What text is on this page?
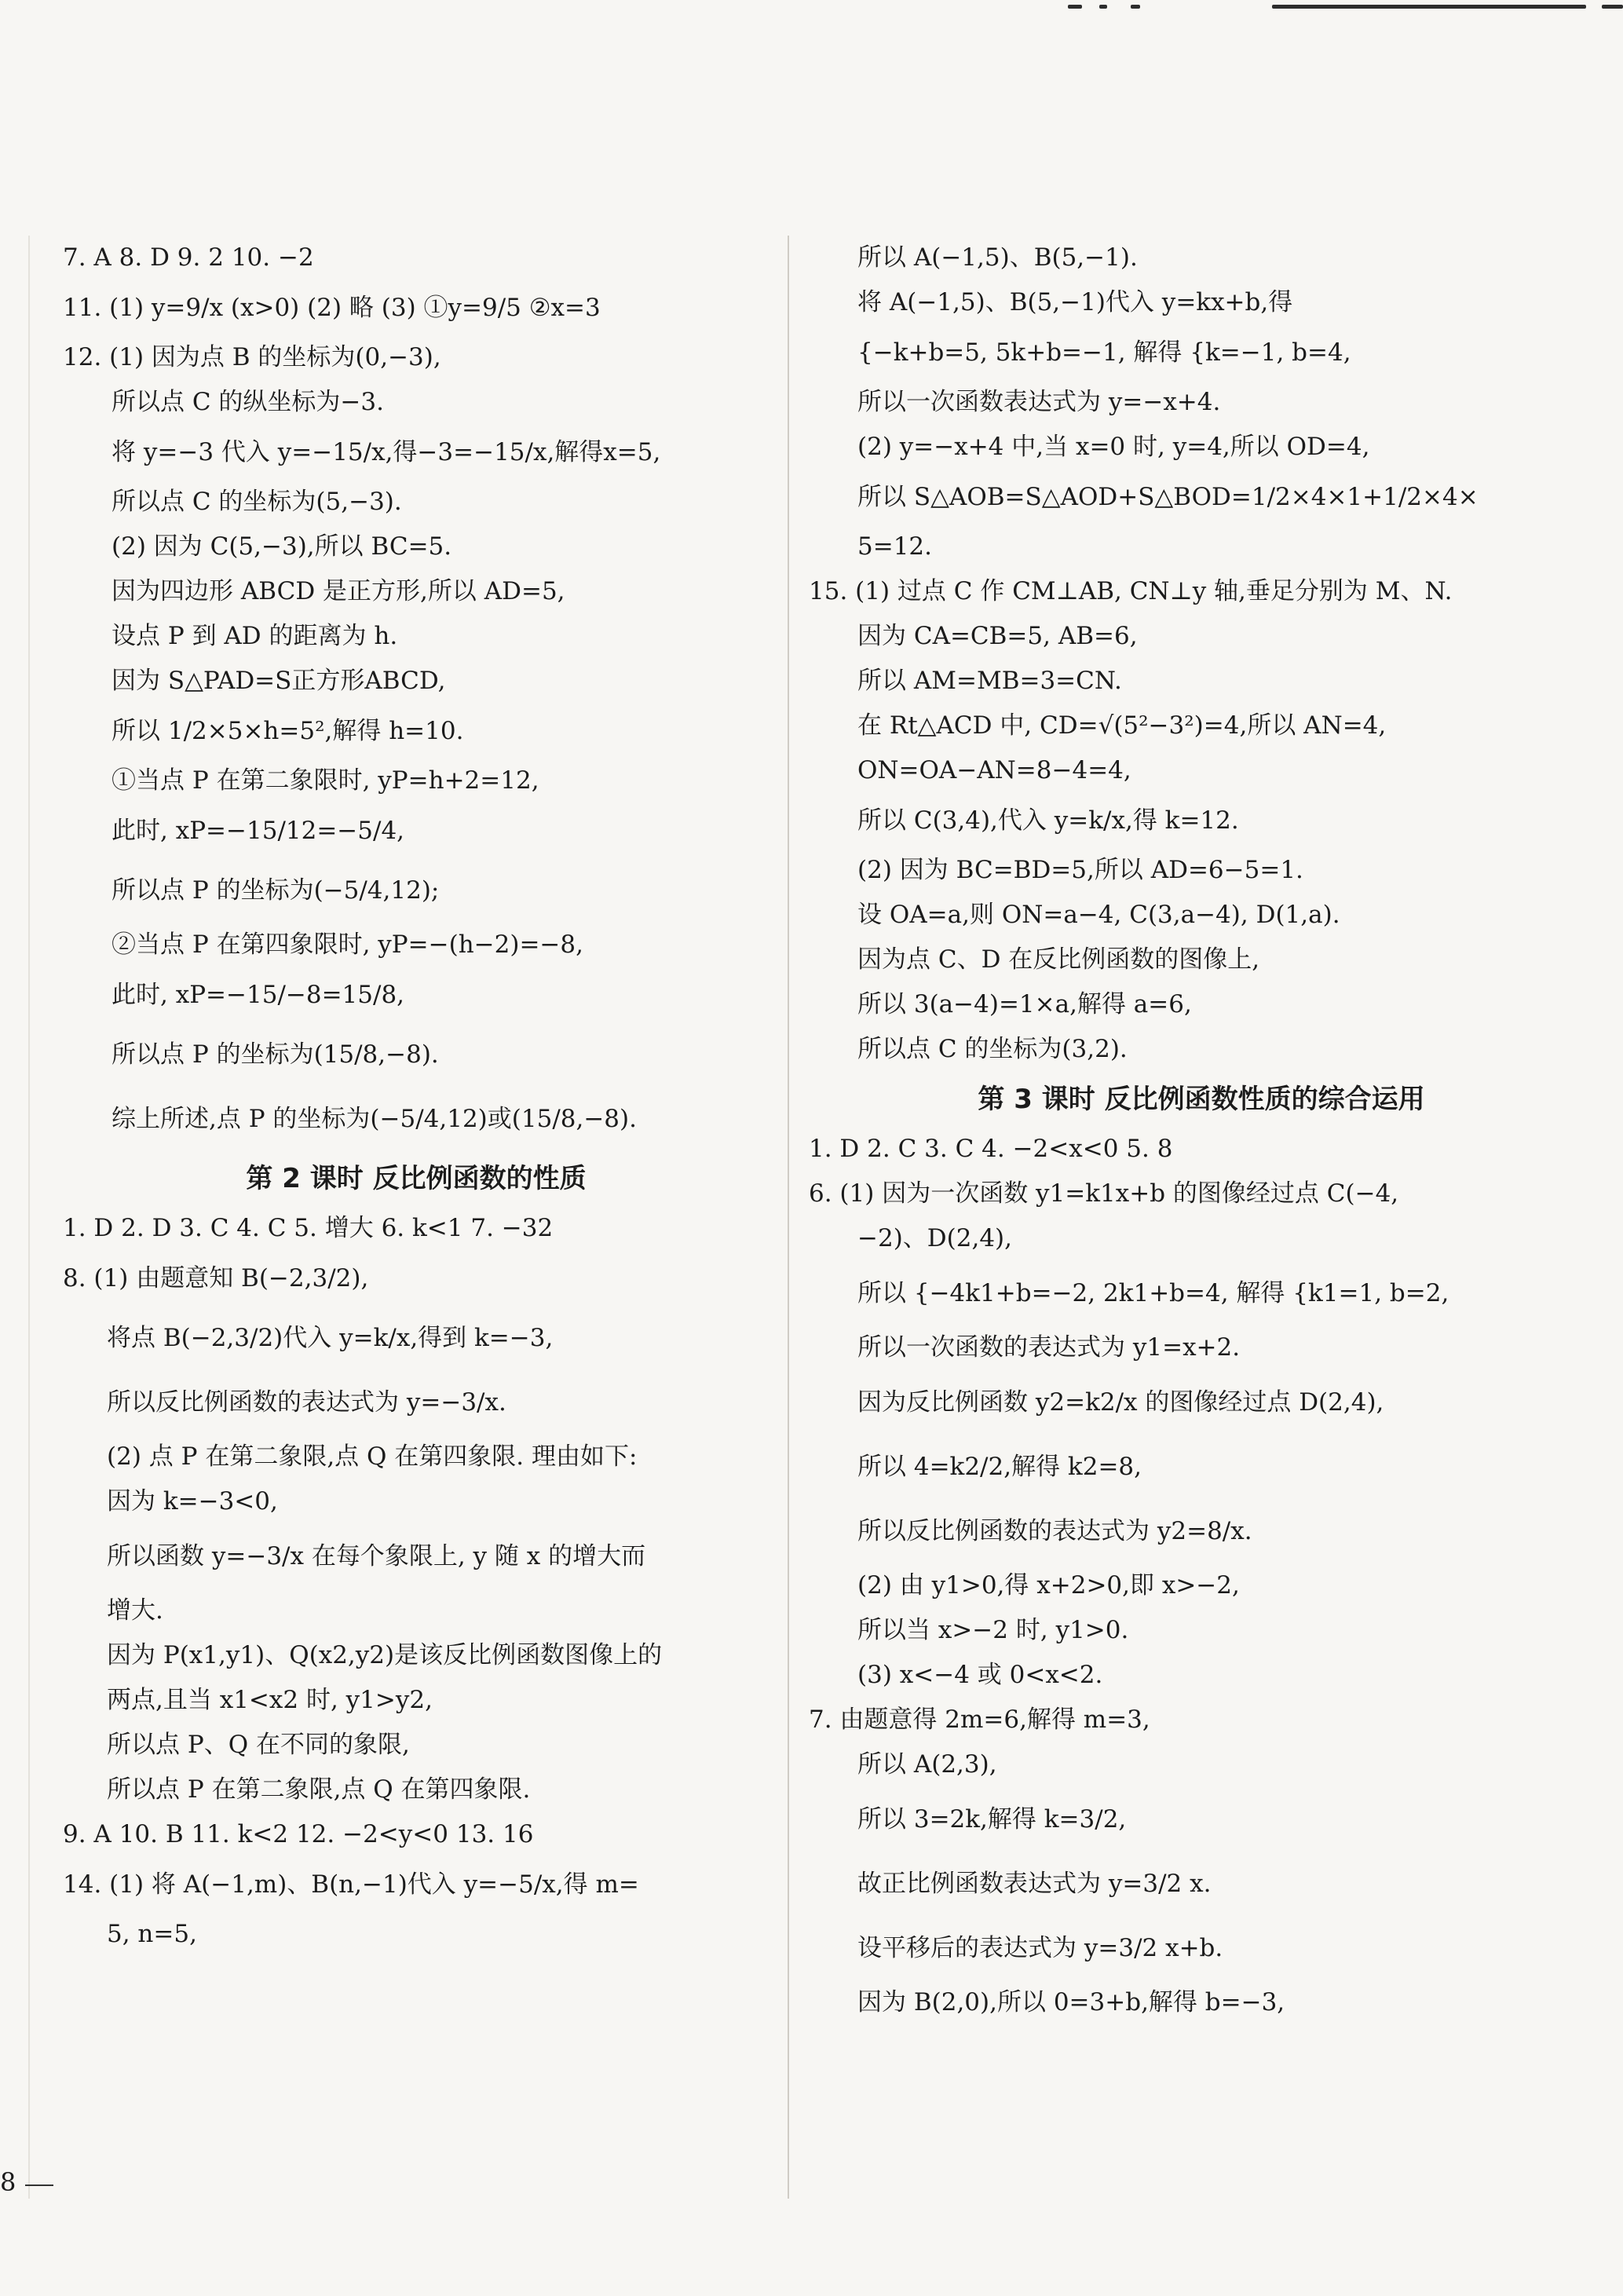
7. A 8. D 9. 2 10. −2
11. (1) y=9/x (x>0) (2) 略 (3) ①y=9/5 ②x=3
12. (1) 因为点 B 的坐标为(0,−3),
所以点 C 的纵坐标为−3.
将 y=−3 代入 y=−15/x,得−3=−15/x,解得x=5,
所以点 C 的坐标为(5,−3).
(2) 因为 C(5,−3),所以 BC=5.
因为四边形 ABCD 是正方形,所以 AD=5,
设点 P 到 AD 的距离为 h.
因为 S△PAD=S正方形ABCD,
所以 1/2×5×h=5²,解得 h=10.
①当点 P 在第二象限时, yP=h+2=12,
此时, xP=−15/12=−5/4,
所以点 P 的坐标为(−5/4,12);
②当点 P 在第四象限时, yP=−(h−2)=−8,
此时, xP=−15/−8=15/8,
所以点 P 的坐标为(15/8,−8).
综上所述,点 P 的坐标为(−5/4,12)或(15/8,−8).
第 2 课时 反比例函数的性质
1. D 2. D 3. C 4. C 5. 增大 6. k<1 7. −32
8. (1) 由题意知 B(−2,3/2),
将点 B(−2,3/2)代入 y=k/x,得到 k=−3,
所以反比例函数的表达式为 y=−3/x.
(2) 点 P 在第二象限,点 Q 在第四象限. 理由如下:
因为 k=−3<0,
所以函数 y=−3/x 在每个象限上, y 随 x 的增大而
增大.
因为 P(x1,y1)、Q(x2,y2)是该反比例函数图像上的
两点,且当 x1<x2 时, y1>y2,
所以点 P、Q 在不同的象限,
所以点 P 在第二象限,点 Q 在第四象限.
9. A 10. B 11. k<2 12. −2<y<0 13. 16
14. (1) 将 A(−1,m)、B(n,−1)代入 y=−5/x,得 m=
5, n=5,
所以 A(−1,5)、B(5,−1).
将 A(−1,5)、B(5,−1)代入 y=kx+b,得
{−k+b=5, 5k+b=−1, 解得 {k=−1, b=4,
所以一次函数表达式为 y=−x+4.
(2) y=−x+4 中,当 x=0 时, y=4,所以 OD=4,
所以 S△AOB=S△AOD+S△BOD=1/2×4×1+1/2×4×
5=12.
15. (1) 过点 C 作 CM⊥AB, CN⊥y 轴,垂足分别为 M、N.
因为 CA=CB=5, AB=6,
所以 AM=MB=3=CN.
在 Rt△ACD 中, CD=√(5²−3²)=4,所以 AN=4,
ON=OA−AN=8−4=4,
所以 C(3,4),代入 y=k/x,得 k=12.
(2) 因为 BC=BD=5,所以 AD=6−5=1.
设 OA=a,则 ON=a−4, C(3,a−4), D(1,a).
因为点 C、D 在反比例函数的图像上,
所以 3(a−4)=1×a,解得 a=6,
所以点 C 的坐标为(3,2).
第 3 课时 反比例函数性质的综合运用
1. D 2. C 3. C 4. −2<x<0 5. 8
6. (1) 因为一次函数 y1=k1x+b 的图像经过点 C(−4,
−2)、D(2,4),
所以 {−4k1+b=−2, 2k1+b=4, 解得 {k1=1, b=2,
所以一次函数的表达式为 y1=x+2.
因为反比例函数 y2=k2/x 的图像经过点 D(2,4),
所以 4=k2/2,解得 k2=8,
所以反比例函数的表达式为 y2=8/x.
(2) 由 y1>0,得 x+2>0,即 x>−2,
所以当 x>−2 时, y1>0.
(3) x<−4 或 0<x<2.
7. 由题意得 2m=6,解得 m=3,
所以 A(2,3),
所以 3=2k,解得 k=3/2,
故正比例函数表达式为 y=3/2 x.
设平移后的表达式为 y=3/2 x+b.
因为 B(2,0),所以 0=3+b,解得 b=−3,
8
